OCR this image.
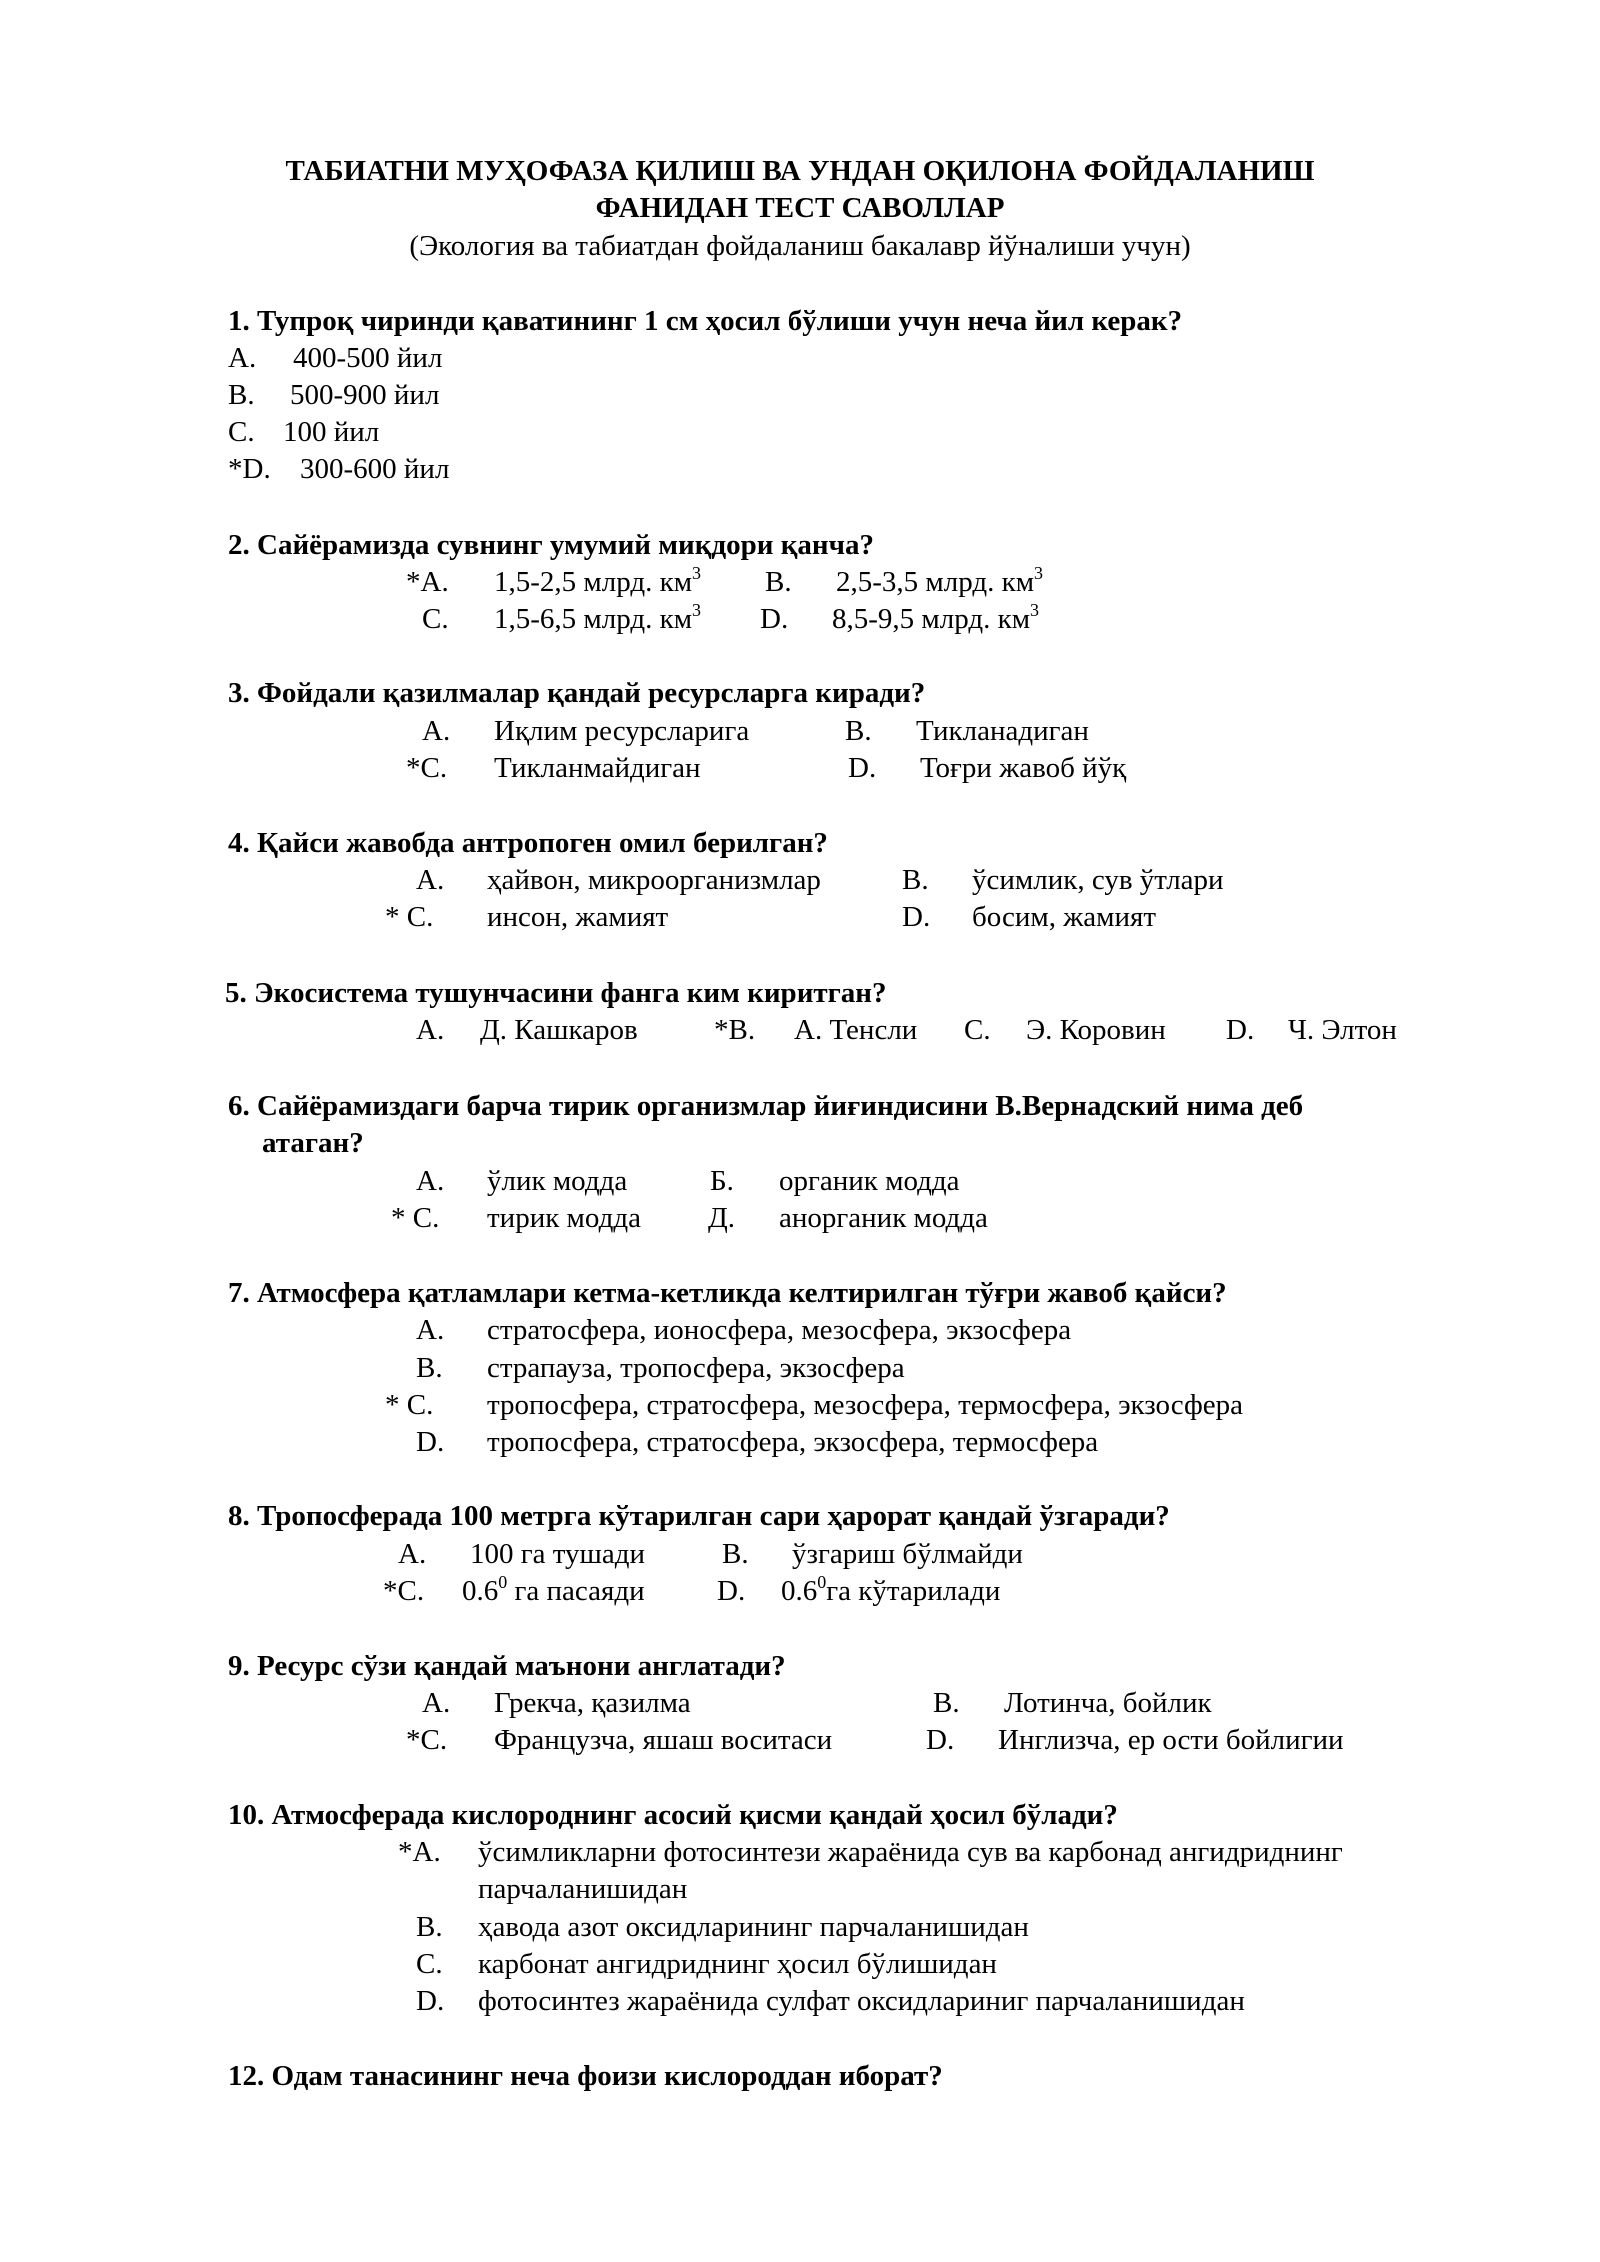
ТАБИАТНИ МУҲОФАЗА ҚИЛИШ ВА УНДАН ОҚИЛОНА ФОЙДАЛАНИШ
ФАНИДАН ТЕСТ САВОЛЛАР
(Экология ва табиатдан фойдаланиш бакалавр йўналиши учун)
1. Тупроқ чиринди қаватининг 1 см ҳосил бўлиши учун неча йил керак?
А. 400-500 йил
B. 500-900 йил
C. 100 йил
*D. 300-600 йил
2. Сайёрамизда сувнинг умумий миқдори қанча?
*А. 1,5-2,5 млрд. $км^3$ B. 2,5-3,5 млрд. $км^3$
C. 1,5-6,5 млрд. $км^3$ D. 8,5-9,5 млрд. $км^3$
3. Фойдали қазилмалар қандай ресурсларга киради?
А. Иқлим ресурсларига	В. Тикланадиган
*С. Тикланмайдиган	D. Тоғри жавоб йўқ
4. Қайси жавобда антропоген омил берилган?
А. ҳайвон, микроорганизмлар	В. ўсимлик, сув ўтлари
* С. инсон, жамият	D. босим, жамият
5. Экосистема тушунчасини фанга ким киритган?
А. Д. Кашкаров	*В. А. Тенсли С. Э. Коровин D. Ч. Элтон
6. Сайёрамиздаги барча тирик организмлар йиғиндисини В.Вернадский нима деб
атаган?
А. ўлик модда	Б. органик модда
* С. тирик модда Д. анорганик модда
7. Атмосфера қатламлари кетма-кетликда келтирилган тўғри жавоб қайси?
А. стратосфера, ионосфера, мезосфера, экзосфера
В. страпауза, тропосфера, экзосфера
* С. тропосфера, стратосфера, мезосфера, термосфера, экзосфера
D. тропосфера, стратосфера, экзосфера, термосфера
8. Тропосферада 100 метрга кўтарилган сари ҳарорат қандай ўзгаради?
А. 100 га тушади	В. ўзгариш бўлмайди
*С. $0.6^0$ га пасаяди D. $0.6^0га$ кўтарилади
9. Ресурс сўзи қандай маънони англатади?
А. Грекча, қазилма	В. Лотинча, бойлик
*С. Французча, яшаш воситаси	D. Инглизча, ер ости бойлигии
10. Атмосферада кислороднинг асосий қисми қандай ҳосил бўлади?
*А. ўсимликларни фотосинтези жараёнида сув ва карбонад ангидриднинг
парчаланишидан
В. ҳаводa азот оксидларининг парчаланишидан
С. карбонат ангидриднинг ҳосил бўлишидан
D. фотосинтез жараёнида сулфат оксидлариниг парчаланишидан
12. Одам танасининг неча фоизи кислороддан иборат?
